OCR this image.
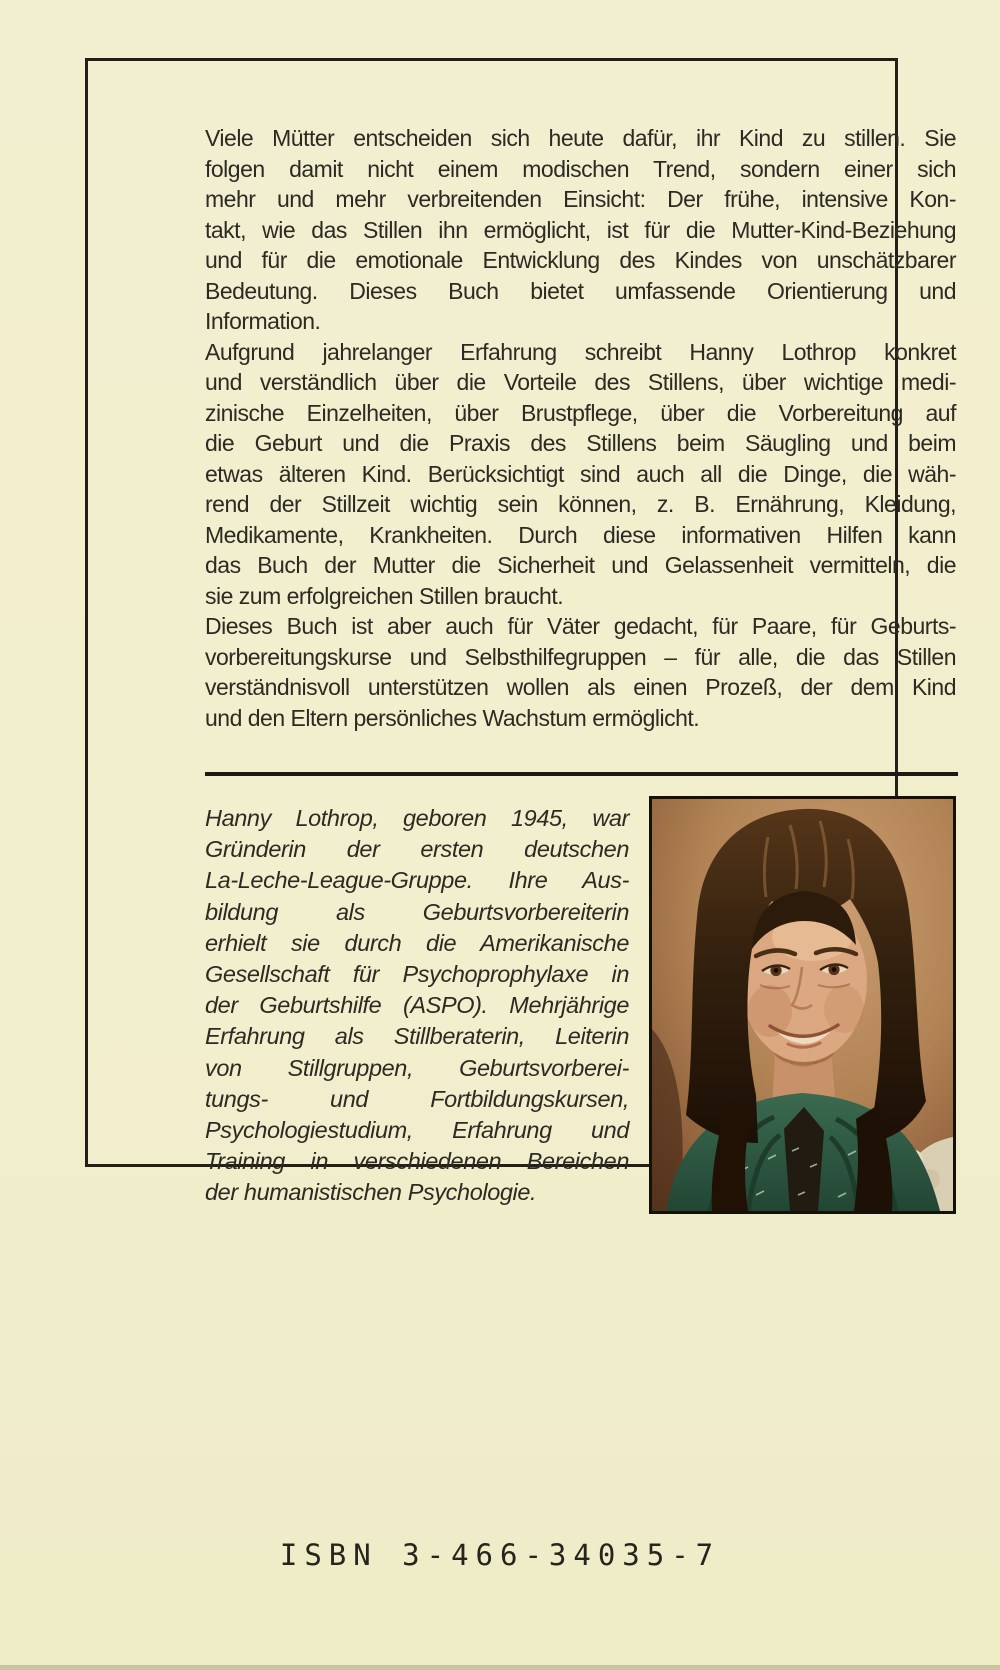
Viele Mütter entscheiden sich heute dafür, ihr Kind zu stillen. Sie
folgen damit nicht einem modischen Trend, sondern einer sich
mehr und mehr verbreitenden Einsicht: Der frühe, intensive Kon-
takt, wie das Stillen ihn ermöglicht, ist für die Mutter-Kind-Beziehung
und für die emotionale Entwicklung des Kindes von unschätzbarer
Bedeutung. Dieses Buch bietet umfassende Orientierung und
Information.
Aufgrund jahrelanger Erfahrung schreibt Hanny Lothrop konkret
und verständlich über die Vorteile des Stillens, über wichtige medi-
zinische Einzelheiten, über Brustpflege, über die Vorbereitung auf
die Geburt und die Praxis des Stillens beim Säugling und beim
etwas älteren Kind. Berücksichtigt sind auch all die Dinge, die wäh-
rend der Stillzeit wichtig sein können, z. B. Ernährung, Kleidung,
Medikamente, Krankheiten. Durch diese informativen Hilfen kann
das Buch der Mutter die Sicherheit und Gelassenheit vermitteln, die
sie zum erfolgreichen Stillen braucht.
Dieses Buch ist aber auch für Väter gedacht, für Paare, für Geburts-
vorbereitungskurse und Selbsthilfegruppen – für alle, die das Stillen
verständnisvoll unterstützen wollen als einen Prozeß, der dem Kind
und den Eltern persönliches Wachstum ermöglicht.
Hanny Lothrop, geboren 1945, war
Gründerin der ersten deutschen
La-Leche-League-Gruppe. Ihre Aus-
bildung als Geburtsvorbereiterin
erhielt sie durch die Amerikanische
Gesellschaft für Psychoprophylaxe in
der Geburtshilfe (ASPO). Mehrjährige
Erfahrung als Stillberaterin, Leiterin
von Stillgruppen, Geburtsvorberei-
tungs- und Fortbildungskursen,
Psychologiestudium, Erfahrung und
Training in verschiedenen Bereichen
der humanistischen Psychologie.
ISBN 3-466-34035-7
